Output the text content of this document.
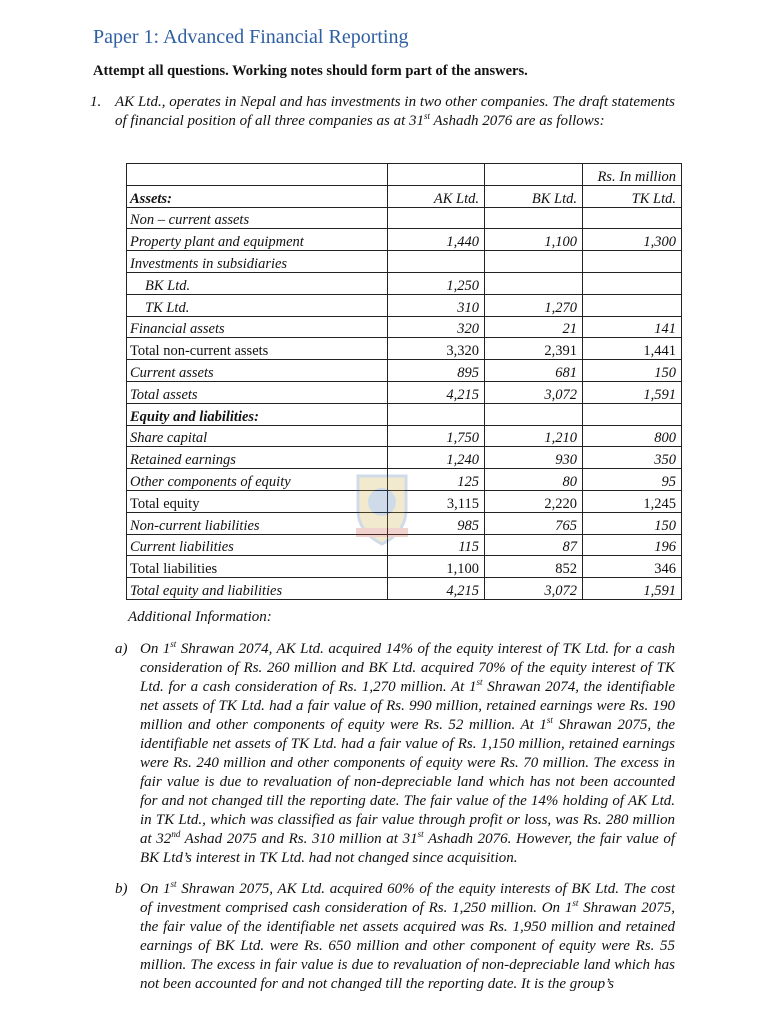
Paper 1: Advanced Financial Reporting
Attempt all questions. Working notes should form part of the answers.
1. AK Ltd., operates in Nepal and has investments in two other companies. The draft statements of financial position of all three companies as at 31st Ashadh 2076 are as follows:
			Rs. In million
Assets:	AK Ltd.	BK Ltd.	TK Ltd.
Non – current assets			
Property plant and equipment	1,440	1,100	1,300
Investments in subsidiaries			
BK Ltd.	1,250		
TK Ltd.	310	1,270	
Financial assets	320	21	141
Total non-current assets	3,320	2,391	1,441
Current assets	895	681	150
Total assets	4,215	3,072	1,591
Equity and liabilities:			
Share capital	1,750	1,210	800
Retained earnings	1,240	930	350
Other components of equity	125	80	95
Total equity	3,115	2,220	1,245
Non-current liabilities	985	765	150
Current liabilities	115	87	196
Total liabilities	1,100	852	346
Total equity and liabilities	4,215	3,072	1,591
Additional Information:
a) On 1st Shrawan 2074, AK Ltd. acquired 14% of the equity interest of TK Ltd. for a cash consideration of Rs. 260 million and BK Ltd. acquired 70% of the equity interest of TK Ltd. for a cash consideration of Rs. 1,270 million. At 1st Shrawan 2074, the identifiable net assets of TK Ltd. had a fair value of Rs. 990 million, retained earnings were Rs. 190 million and other components of equity were Rs. 52 million. At 1st Shrawan 2075, the identifiable net assets of TK Ltd. had a fair value of Rs. 1,150 million, retained earnings were Rs. 240 million and other components of equity were Rs. 70 million. The excess in fair value is due to revaluation of non-depreciable land which has not been accounted for and not changed till the reporting date. The fair value of the 14% holding of AK Ltd. in TK Ltd., which was classified as fair value through profit or loss, was Rs. 280 million at 32nd Ashad 2075 and Rs. 310 million at 31st Ashadh 2076. However, the fair value of BK Ltd’s interest in TK Ltd. had not changed since acquisition.
b) On 1st Shrawan 2075, AK Ltd. acquired 60% of the equity interests of BK Ltd. The cost of investment comprised cash consideration of Rs. 1,250 million. On 1st Shrawan 2075, the fair value of the identifiable net assets acquired was Rs. 1,950 million and retained earnings of BK Ltd. were Rs. 650 million and other component of equity were Rs. 55 million. The excess in fair value is due to revaluation of non-depreciable land which has not been accounted for and not changed till the reporting date. It is the group’s
